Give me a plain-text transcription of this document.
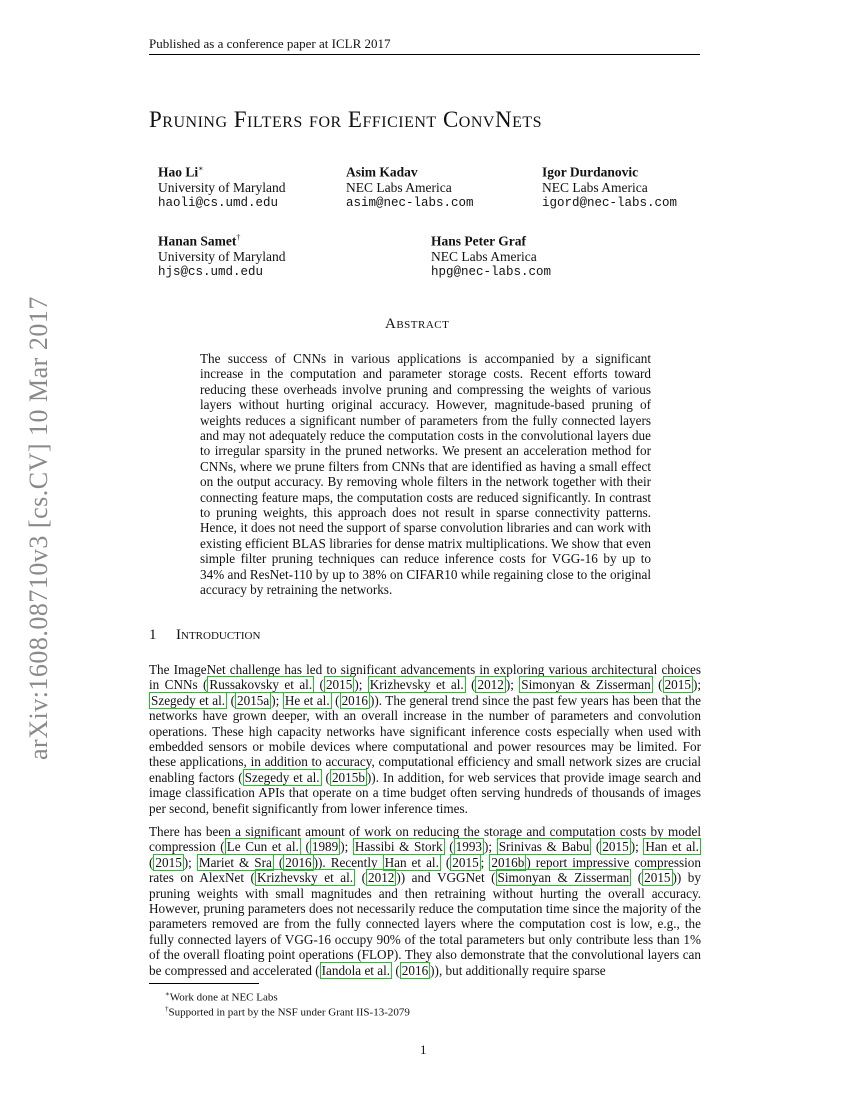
Published as a conference paper at ICLR 2017
Pruning Filters for Efficient ConvNets
Hao Li∗
University of Maryland
haoli@cs.umd.edu
Asim Kadav
NEC Labs America
asim@nec-labs.com
Igor Durdanovic
NEC Labs America
igord@nec-labs.com
Hanan Samet†
University of Maryland
hjs@cs.umd.edu
Hans Peter Graf
NEC Labs America
hpg@nec-labs.com
arXiv:1608.08710v3 [cs.CV] 10 Mar 2017	Abstract
The success of CNNs in various applications is accompanied by a significant increase in the computation and parameter storage costs. Recent efforts toward reducing these overheads involve pruning and compressing the weights of various layers without hurting original accuracy. However, magnitude-based pruning of weights reduces a significant number of parameters from the fully connected layers and may not adequately reduce the computation costs in the convolutional layers due to irregular sparsity in the pruned networks. We present an acceleration method for CNNs, where we prune filters from CNNs that are identified as having a small effect on the output accuracy. By removing whole filters in the network together with their connecting feature maps, the computation costs are reduced significantly. In contrast to pruning weights, this approach does not result in sparse connectivity patterns. Hence, it does not need the support of sparse convolution libraries and can work with existing efficient BLAS libraries for dense matrix multiplications. We show that even simple filter pruning techniques can reduce inference costs for VGG-16 by up to 34% and ResNet-110 by up to 38% on CIFAR10 while regaining close to the original accuracy by retraining the networks.
1 Introduction

The ImageNet challenge has led to significant advancements in exploring various architectural choices in CNNs ( Russakovsky et al. ( 2015 ); Krizhevsky et al. ( 2012 ); Simonyan & Zisserman ( 2015 ); Szegedy et al. ( 2015a ); He et al. ( 2016 )). The general trend since the past few years has been that the networks have grown deeper, with an overall increase in the number of parameters and convolution operations. These high capacity networks have significant inference costs especially when used with embedded sensors or mobile devices where computational and power resources may be limited. For these applications, in addition to accuracy, computational efficiency and small network sizes are crucial enabling factors ( Szegedy et al. ( 2015b )). In addition, for web services that provide image search and image classification APIs that operate on a time budget often serving hundreds of thousands of images per second, benefit significantly from lower inference times.

There has been a significant amount of work on reducing the storage and computation costs by model compression ( Le Cun et al. ( 1989 ); Hassibi & Stork ( 1993 ); Srinivas & Babu ( 2015 ); Han et al. ( 2015 ); Mariet & Sra ( 2016 )). Recently Han et al. ( 2015 ; 2016b ) report impressive compression rates on AlexNet ( Krizhevsky et al. ( 2012 )) and VGGNet ( Simonyan & Zisserman ( 2015 )) by pruning weights with small magnitudes and then retraining without hurting the overall accuracy. However, pruning parameters does not necessarily reduce the computation time since the majority of the parameters removed are from the fully connected layers where the computation cost is low, e.g., the fully connected layers of VGG-16 occupy 90% of the total parameters but only contribute less than 1% of the overall floating point operations (FLOP). They also demonstrate that the convolutional layers can be compressed and accelerated ( Iandola et al. ( 2016 )), but additionally require sparse

∗Work done at NEC Labs
†Supported in part by the NSF under Grant IIS-13-2079
1
